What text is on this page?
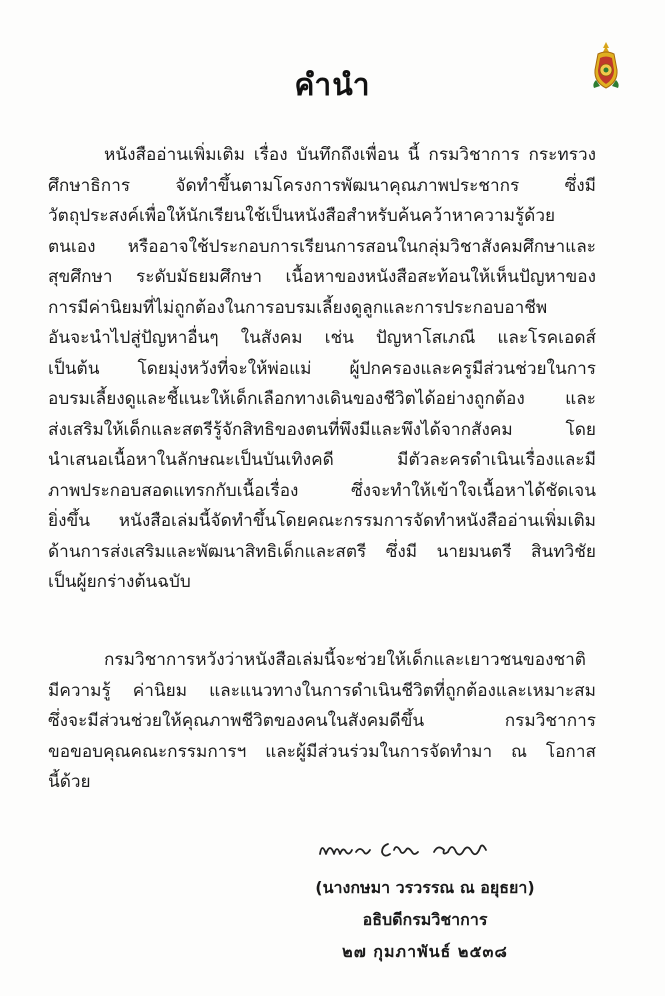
คำนำ
หนังสืออ่านเพิ่มเติม เรื่อง บันทึกถึงเพื่อน นี้ กรมวิชาการ กระทรวง
ศึกษาธิการ จัดทำขึ้นตามโครงการพัฒนาคุณภาพประชากร ซึ่งมี
วัตถุประสงค์เพื่อให้นักเรียนใช้เป็นหนังสือสำหรับค้นคว้าหาความรู้ด้วย
ตนเอง หรืออาจใช้ประกอบการเรียนการสอนในกลุ่มวิชาสังคมศึกษาและ
สุขศึกษา ระดับมัธยมศึกษา เนื้อหาของหนังสือสะท้อนให้เห็นปัญหาของ
การมีค่านิยมที่ไม่ถูกต้องในการอบรมเลี้ยงดูลูกและการประกอบอาชีพ
อันจะนำไปสู่ปัญหาอื่นๆ ในสังคม เช่น ปัญหาโสเภณี และโรคเอดส์
เป็นต้น โดยมุ่งหวังที่จะให้พ่อแม่ ผู้ปกครองและครูมีส่วนช่วยในการ
อบรมเลี้ยงดูและชี้แนะให้เด็กเลือกทางเดินของชีวิตได้อย่างถูกต้อง และ
ส่งเสริมให้เด็กและสตรีรู้จักสิทธิของตนที่พึงมีและพึงได้จากสังคม โดย
นำเสนอเนื้อหาในลักษณะเป็นบันเทิงคดี มีตัวละครดำเนินเรื่องและมี
ภาพประกอบสอดแทรกกับเนื้อเรื่อง ซึ่งจะทำให้เข้าใจเนื้อหาได้ชัดเจน
ยิ่งขึ้น หนังสือเล่มนี้จัดทำขึ้นโดยคณะกรรมการจัดทำหนังสืออ่านเพิ่มเติม
ด้านการส่งเสริมและพัฒนาสิทธิเด็กและสตรี ซึ่งมี นายมนตรี สินทวิชัย
เป็นผู้ยกร่างต้นฉบับ
กรมวิชาการหวังว่าหนังสือเล่มนี้จะช่วยให้เด็กและเยาวชนของชาติ
มีความรู้ ค่านิยม และแนวทางในการดำเนินชีวิตที่ถูกต้องและเหมาะสม
ซึ่งจะมีส่วนช่วยให้คุณภาพชีวิตของคนในสังคมดีขึ้น กรมวิชาการ
ขอขอบคุณคณะกรรมการฯ และผู้มีส่วนร่วมในการจัดทำมา ณ โอกาส
นี้ด้วย
(นางกษมา วรวรรณ ณ อยุธยา)
อธิบดีกรมวิชาการ
๒๗ กุมภาพันธ์ ๒๕๓๘
